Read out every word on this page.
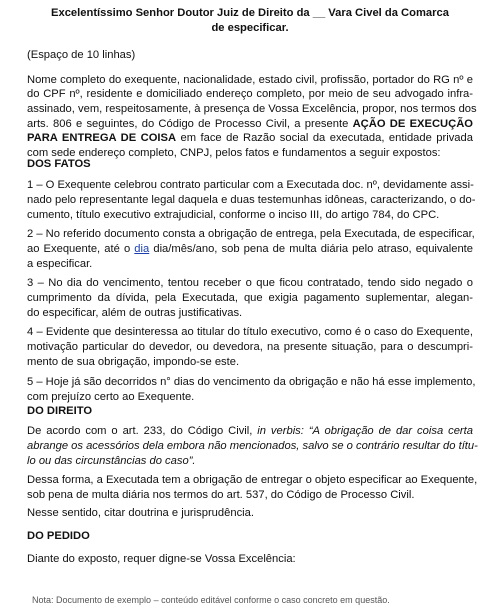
Excelentíssimo Senhor Doutor Juiz de Direito da __ Vara Civel da Comarca
de especificar.
(Espaço de 10 linhas)
Nome completo do exequente, nacionalidade, estado civil, profissão, portador do RG nº e
do CPF nº, residente e domiciliado endereço completo, por meio de seu advogado infra-
assinado, vem, respeitosamente, à presença de Vossa Excelência, propor, nos termos dos
arts. 806 e seguintes, do Código de Processo Civil, a presente AÇÃO DE EXECUÇÃO
PARA ENTREGA DE COISA em face de Razão social da executada, entidade privada
com sede endereço completo, CNPJ, pelos fatos e fundamentos a seguir expostos:
DOS FATOS
1 – O Exequente celebrou contrato particular com a Executada doc. nº, devidamente assi-
nado pelo representante legal daquela e duas testemunhas idôneas, caracterizando, o do-
cumento, título executivo extrajudicial, conforme o inciso III, do artigo 784, do CPC.
2 – No referido documento consta a obrigação de entrega, pela Executada, de especificar,
ao Exequente, até o dia dia/mês/ano, sob pena de multa diária pelo atraso, equivalente
a especificar.
3 – No dia do vencimento, tentou receber o que ficou contratado, tendo sido negado o
cumprimento da dívida, pela Executada, que exigia pagamento suplementar, alegan-
do especificar, além de outras justificativas.
4 – Evidente que desinteressa ao titular do título executivo, como é o caso do Exequente,
motivação particular do devedor, ou devedora, na presente situação, para o descumpri-
mento de sua obrigação, impondo-se este.
5 – Hoje já são decorridos n° dias do vencimento da obrigação e não há esse implemento,
com prejuízo certo ao Exequente.
DO DIREITO
De acordo com o art. 233, do Código Civil, in verbis: “A obrigação de dar coisa certa
abrange os acessórios dela embora não mencionados, salvo se o contrário resultar do títu-
lo ou das circunstâncias do caso”.
Dessa forma, a Executada tem a obrigação de entregar o objeto especificar ao Exequente,
sob pena de multa diária nos termos do art. 537, do Código de Processo Civil.
Nesse sentido, citar doutrina e jurisprudência.
DO PEDIDO
Diante do exposto, requer digne-se Vossa Excelência:
Nota: Documento de exemplo – conteúdo editável conforme o caso concreto em questão.
